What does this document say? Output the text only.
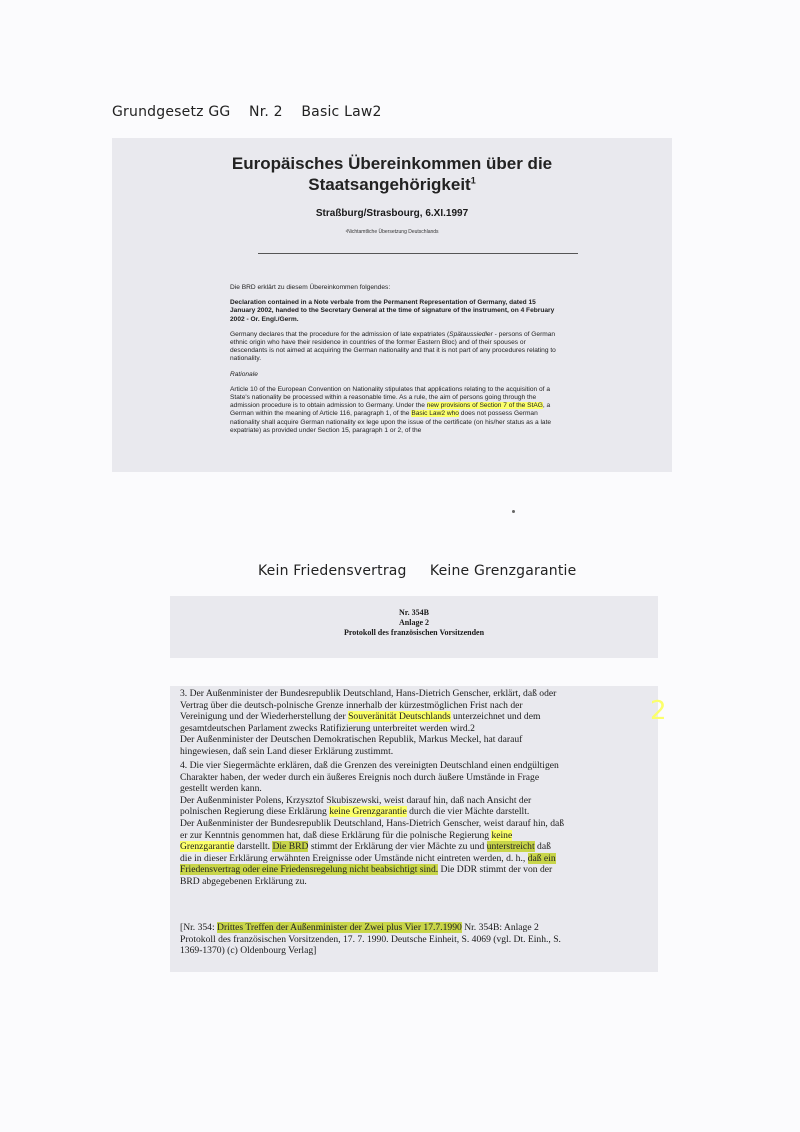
Grundgesetz GG    Nr. 2    Basic Law2
Europäisches Übereinkommen über die
Staatsangehörigkeit$^1$
Straßburg/Strasbourg, 6.XI.1997
¹Nichtamtliche Übersetzung Deutschlands

Die BRD erklärt zu diesem Übereinkommen folgendes:

Declaration contained in a Note verbale from the Permanent Representation of Germany, dated 15 January 2002, handed to the Secretary General at the time of signature of the instrument, on 4 February 2002 - Or. Engl./Germ.

Germany declares that the procedure for the admission of late expatriates (Spätaussiedler - persons of German ethnic origin who have their residence in countries of the former Eastern Bloc) and of their spouses or descendants is not aimed at acquiring the German nationality and that it is not part of any procedures relating to nationality.

Rationale

Article 10 of the European Convention on Nationality stipulates that applications relating to the acquisition of a State's nationality be processed within a reasonable time. As a rule, the aim of persons going through the admission procedure is to obtain admission to Germany. Under the new provisions of Section 7 of the StAG, a German within the meaning of Article 116, paragraph 1, of the Basic Law2 who does not possess German nationality shall acquire German nationality ex lege upon the issue of the certificate (on his/her status as a late expatriate) as provided under Section 15, paragraph 1 or 2, of the

Kein Friedensvertrag     Keine Grenzgarantie
Nr. 354B
Anlage 2
Protokoll des französischen Vorsitzenden
3. Der Außenminister der Bundesrepublik Deutschland, Hans-Dietrich Genscher, erklärt, daß oder
Vertrag über die deutsch-polnische Grenze innerhalb der kürzestmöglichen Frist nach der
Vereinigung und der Wiederherstellung der Souveränität Deutschlands unterzeichnet und dem
gesamtdeutschen Parlament zwecks Ratifizierung unterbreitet werden wird.2
Der Außenminister der Deutschen Demokratischen Republik, Markus Meckel, hat darauf
hingewiesen, daß sein Land dieser Erklärung zustimmt.
4. Die vier Siegermächte erklären, daß die Grenzen des vereinigten Deutschland einen endgültigen
Charakter haben, der weder durch ein äußeres Ereignis noch durch äußere Umstände in Frage
gestellt werden kann.
Der Außenminister Polens, Krzysztof Skubiszewski, weist darauf hin, daß nach Ansicht der
polnischen Regierung diese Erklärung keine Grenzgarantie durch die vier Mächte darstellt.
Der Außenminister der Bundesrepublik Deutschland, Hans-Dietrich Genscher, weist darauf hin, daß
er zur Kenntnis genommen hat, daß diese Erklärung für die polnische Regierung keine
Grenzgarantie darstellt. Die BRD stimmt der Erklärung der vier Mächte zu und unterstreicht daß
die in dieser Erklärung erwähnten Ereignisse oder Umstände nicht eintreten werden, d. h., daß ein
Friedensvertrag oder eine Friedensregelung nicht beabsichtigt sind. Die DDR stimmt der von der
BRD abgegebenen Erklärung zu.
[Nr. 354: Drittes Treffen der Außenminister der Zwei plus Vier 17.7.1990 Nr. 354B: Anlage 2
Protokoll des französischen Vorsitzenden, 17. 7. 1990. Deutsche Einheit, S. 4069 (vgl. Dt. Einh., S.
1369-1370) (c) Oldenbourg Verlag]
2
